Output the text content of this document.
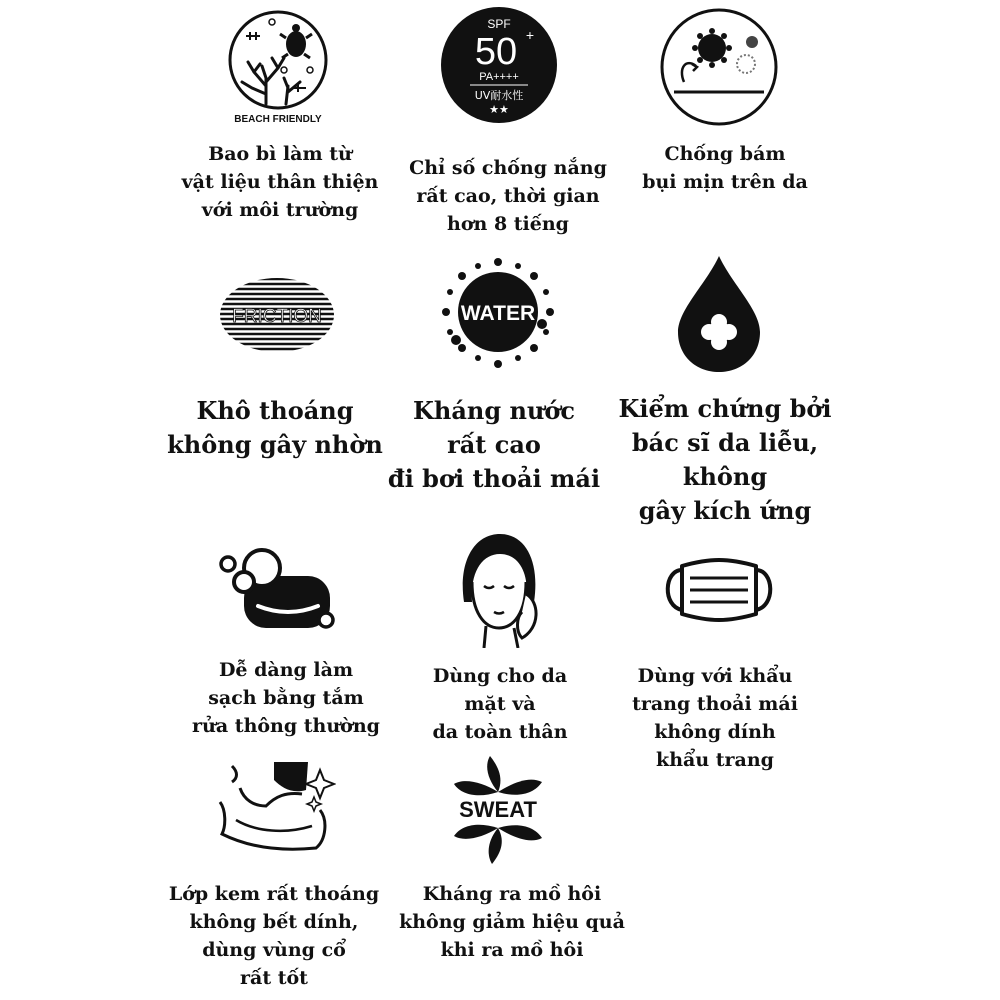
BEACH FRIENDLY
Bao bì làm từ
vật liệu thân thiện
với môi trường
SPF
50 +
PA++++
UV耐水性
★★
Chỉ số chống nắng
rất cao, thời gian
hơn 8 tiếng
Chống bám
bụi mịn trên da
FRICTION
Khô thoáng
không gây nhờn
WATER
Kháng nước
rất cao
đi bơi thoải mái
Kiểm chứng bởi
bác sĩ da liễu,
không
gây kích ứng
Dễ dàng làm
sạch bằng tắm
rửa thông thường
Dùng cho da
mặt và
da toàn thân
Dùng với khẩu
trang thoải mái
không dính
khẩu trang
Lớp kem rất thoáng
không bết dính,
dùng vùng cổ
rất tốt
SWEAT
Kháng ra mồ hôi
không giảm hiệu quả
khi ra mồ hôi
